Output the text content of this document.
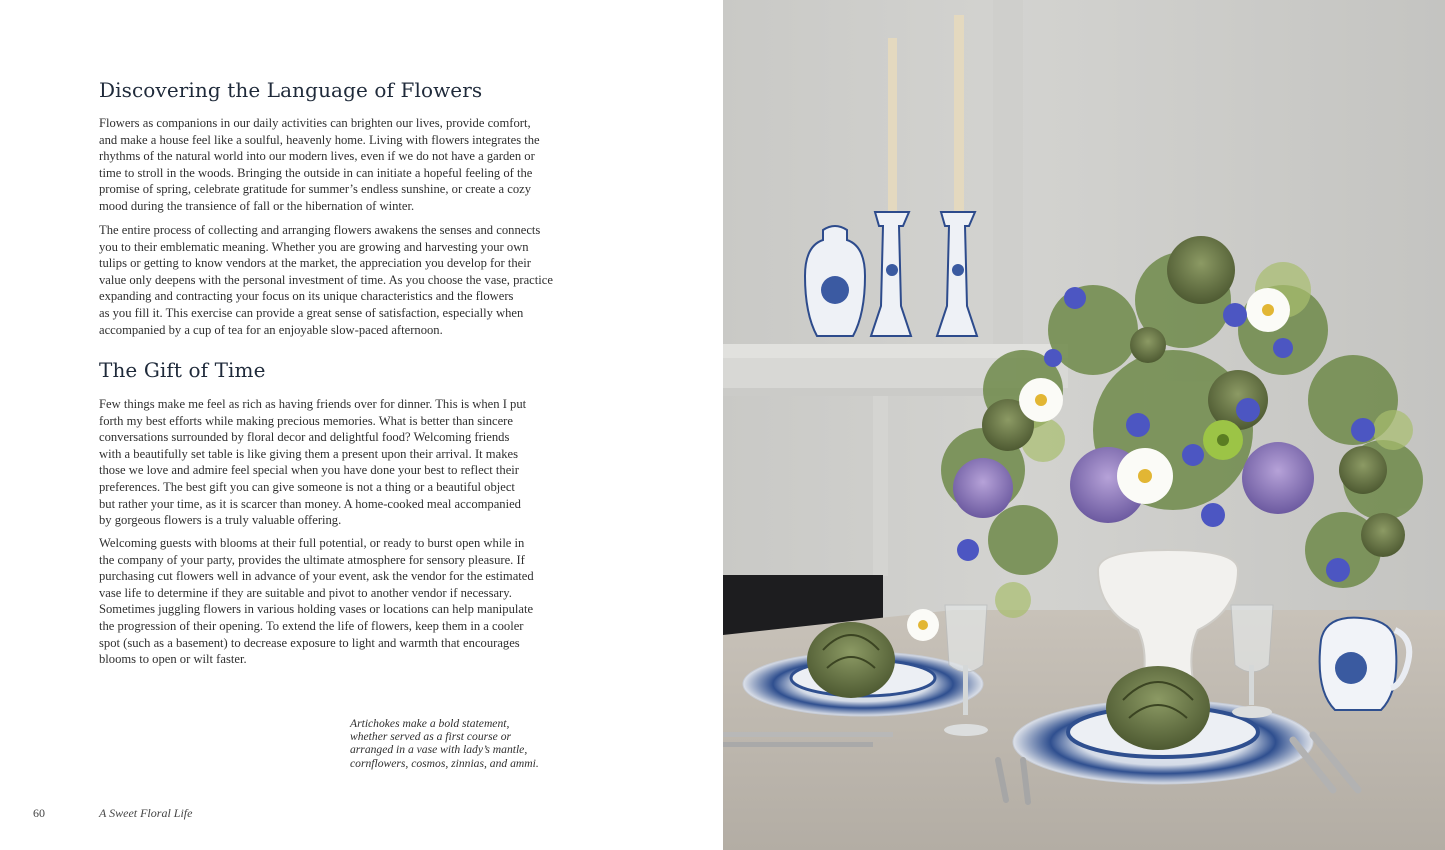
Discovering the Language of Flowers

Flowers as companions in our daily activities can brighten our lives, provide comfort,
and make a house feel like a soulful, heavenly home. Living with flowers integrates the
rhythms of the natural world into our modern lives, even if we do not have a garden or
time to stroll in the woods. Bringing the outside in can initiate a hopeful feeling of the
promise of spring, celebrate gratitude for summer’s endless sunshine, or create a cozy
mood during the transience of fall or the hibernation of winter.

The entire process of collecting and arranging flowers awakens the senses and connects
you to their emblematic meaning. Whether you are growing and harvesting your own
tulips or getting to know vendors at the market, the appreciation you develop for their
value only deepens with the personal investment of time. As you choose the vase, practice
expanding and contracting your focus on its unique characteristics and the flowers
as you fill it. This exercise can provide a great sense of satisfaction, especially when
accompanied by a cup of tea for an enjoyable slow-paced afternoon.

The Gift of Time

Few things make me feel as rich as having friends over for dinner. This is when I put
forth my best efforts while making precious memories. What is better than sincere
conversations surrounded by floral decor and delightful food? Welcoming friends
with a beautifully set table is like giving them a present upon their arrival. It makes
those we love and admire feel special when you have done your best to reflect their
preferences. The best gift you can give someone is not a thing or a beautiful object
but rather your time, as it is scarcer than money. A home-cooked meal accompanied
by gorgeous flowers is a truly valuable offering.

Welcoming guests with blooms at their full potential, or ready to burst open while in
the company of your party, provides the ultimate atmosphere for sensory pleasure. If
purchasing cut flowers well in advance of your event, ask the vendor for the estimated
vase life to determine if they are suitable and pivot to another vendor if necessary.
Sometimes juggling flowers in various holding vases or locations can help manipulate
the progression of their opening. To extend the life of flowers, keep them in a cooler
spot (such as a basement) to decrease exposure to light and warmth that encourages
blooms to open or wilt faster.

Artichokes make a bold statement,
whether served as a first course or
arranged in a vase with lady’s mantle,
cornflowers, cosmos, zinnias, and ammi.

60	A Sweet Floral Life
